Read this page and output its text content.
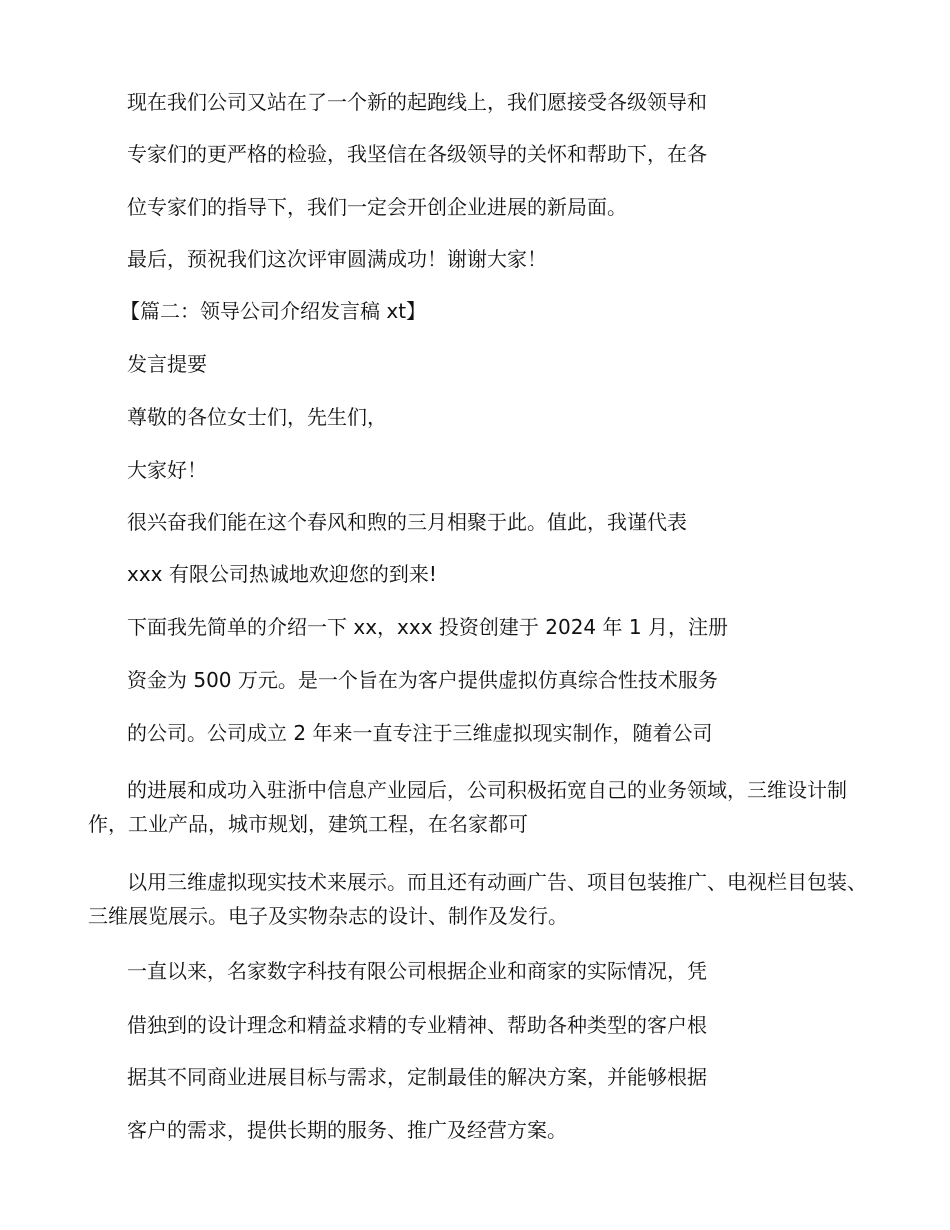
现在我们公司又站在了一个新的起跑线上，我们愿接受各级领导和
专家们的更严格的检验，我坚信在各级领导的关怀和帮助下，在各
位专家们的指导下，我们一定会开创企业进展的新局面。
最后，预祝我们这次评审圆满成功！谢谢大家！
【篇二：领导公司介绍发言稿 xt】
发言提要
尊敬的各位女士们，先生们，
大家好！
很兴奋我们能在这个春风和煦的三月相聚于此。值此，我谨代表
xxx 有限公司热诚地欢迎您的到来!
下面我先简单的介绍一下 xx，xxx 投资创建于 2024 年 1 月，注册
资金为 500 万元。是一个旨在为客户提供虚拟仿真综合性技术服务
的公司。公司成立 2 年来一直专注于三维虚拟现实制作，随着公司
的进展和成功入驻浙中信息产业园后，公司积极拓宽自己的业务领域，三维设计制作，工业产品，城市规划，建筑工程，在名家都可
以用三维虚拟现实技术来展示。而且还有动画广告、项目包装推广、电视栏目包装、三维展览展示。电子及实物杂志的设计、制作及发行。
一直以来，名家数字科技有限公司根据企业和商家的实际情况，凭
借独到的设计理念和精益求精的专业精神、帮助各种类型的客户根
据其不同商业进展目标与需求，定制最佳的解决方案，并能够根据
客户的需求，提供长期的服务、推广及经营方案。
